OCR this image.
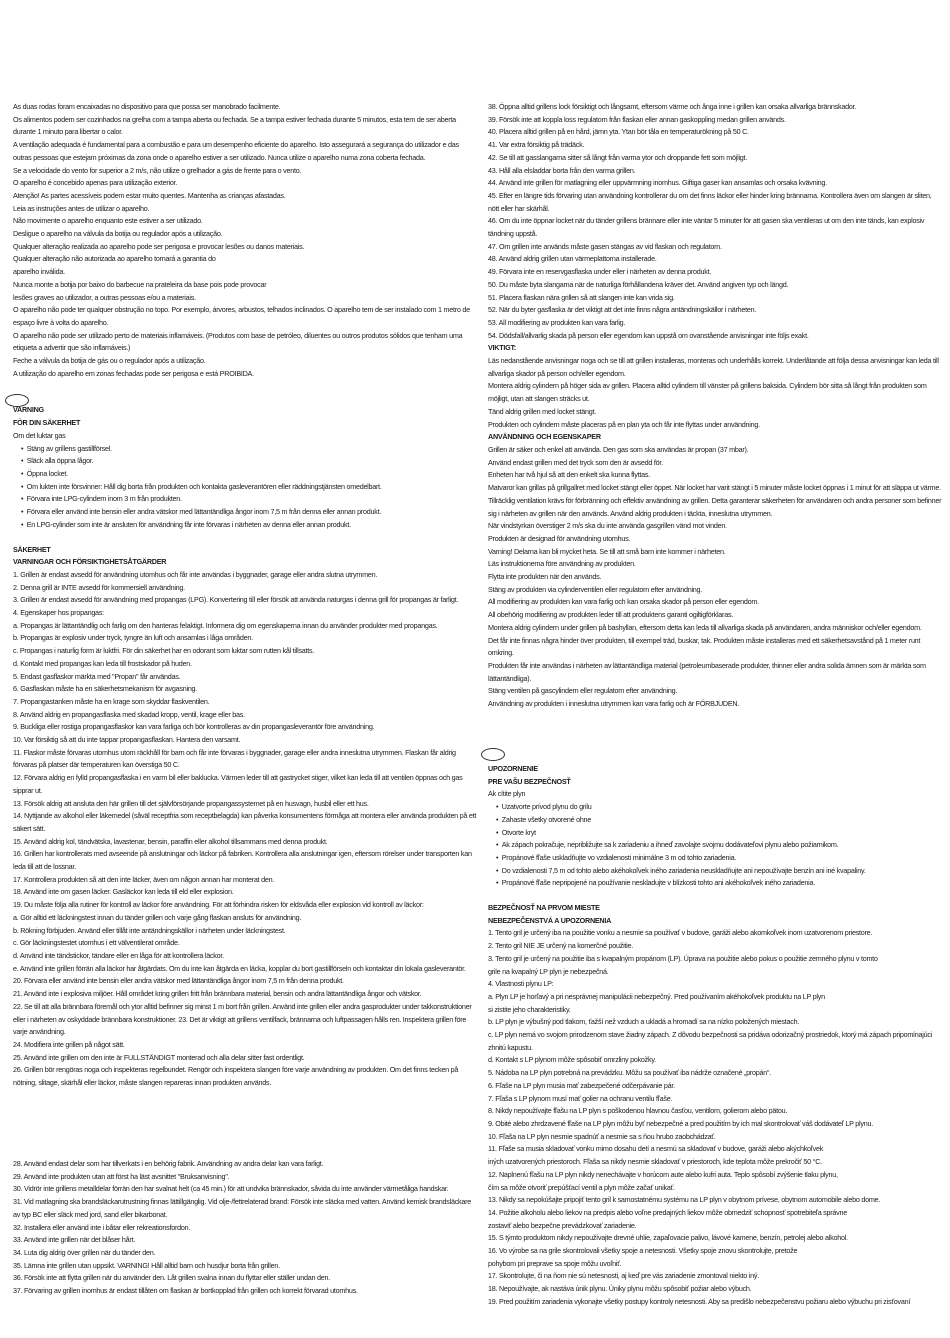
As duas rodas foram encaixadas no dispositivo para que possa ser manobrado facilmente.

Os alimentos podem ser cozinhados na grelha com a tampa aberta ou fechada. Se a tampa estiver fechada durante 5 minutos, esta tem de ser aberta durante 1 minuto para libertar o calor.

A ventilação adequada é fundamental para a combustão e para um desempenho eficiente do aparelho. Isto assegurará a segurança do utilizador e das outras pessoas que estejam próximas da zona onde o aparelho estiver a ser utilizado. Nunca utilize o aparelho numa zona coberta fechada.

Se a velocidade do vento for superior a 2 m/s, não utilize o grelhador a gás de frente para o vento.

O aparelho é concebido apenas para utilização exterior.

Atenção! As partes acessíveis podem estar muito quentes. Mantenha as crianças afastadas.

Leia as instruções antes de utilizar o aparelho.

Não movimente o aparelho enquanto este estiver a ser utilizado.

Desligue o aparelho na válvula da botija ou regulador após a utilização.

Qualquer alteração realizada ao aparelho pode ser perigosa e provocar lesões ou danos materiais.

Qualquer alteração não autorizada ao aparelho tornará a garantia do

aparelho inválida.

Nunca monte a botija por baixo do barbecue na prateleira da base pois pode provocar

lesões graves ao utilizador, a outras pessoas e/ou a materiais.

O aparelho não pode ter qualquer obstrução no topo. Por exemplo, árvores, arbustos, telhados inclinados. O aparelho tem de ser instalado com 1 metro de espaço livre à volta do aparelho.

O aparelho não pode ser utilizado perto de materiais inflamáveis. (Produtos com base de petróleo, diluentes ou outros produtos sólidos que tenham uma etiqueta a advertir que são inflamáveis.)

Feche a válvula da botija de gás ou o regulador após a utilização.

A utilização do aparelho em zonas fechadas pode ser perigosa e está PROIBIDA.

VARNING

FÖR DIN SÄKERHET

Om det luktar gas

•  Stäng av grillens gastillförsel.

•  Släck alla öppna lågor.

•  Öppna locket.

•  Om lukten inte försvinner: Håll dig borta från produkten och kontakta gasleverantören eller räddningstjänsten omedelbart.

•  Förvara inte LPG-cylindern inom 3 m från produkten.

•  Förvara eller använd inte bensin eller andra vätskor med lättantändliga ångor inom 7,5 m från denna eller annan produkt.

•  En LPG-cylinder som inte är ansluten för användning får inte förvaras i närheten av denna eller annan produkt.

SÄKERHET

VARNINGAR OCH FÖRSIKTIGHETSÅTGÄRDER

1. Grillen är endast avsedd för användning utomhus och får inte användas i byggnader, garage eller andra slutna utrymmen.

2. Denna grill är INTE avsedd för kommersiell användning.

3. Grillen är endast avsedd för användning med propangas (LPG). Konvertering till eller försök att använda naturgas i denna grill för propangas är farligt.

4. Egenskaper hos propangas:

a. Propangas är lättantändlig och farlig om den hanteras felaktigt. Informera dig om egenskaperna innan du använder produkter med propangas.

b. Propangas är explosiv under tryck, tyngre än luft och ansamlas i låga områden.

c. Propangas i naturlig form är luktfri. För din säkerhet har en odorant som luktar som rutten kål tillsatts.

d. Kontakt med propangas kan leda till frostskador på huden.

5. Endast gasflaskor märkta med "Propan" får användas.

6. Gasflaskan måste ha en säkerhetsmekanism för avgasning.

7. Propangastanken måste ha en krage som skyddar flaskventilen.

8. Använd aldrig en propangasflaska med skadad kropp, ventil, krage eller bas.

9. Buckliga eller rostiga propangasflaskor kan vara farliga och bör kontrolleras av din propangasleverantör före användning.

10. Var försiktig så att du inte tappar propangasflaskan. Hantera den varsamt.

11. Flaskor måste förvaras utomhus utom räckhåll för barn och får inte förvaras i byggnader, garage eller andra inneslutna utrymmen. Flaskan får aldrig förvaras på platser där temperaturen kan överstiga 50 C.

12. Förvara aldrig en fylld propangasflaska i en varm bil eller baklucka. Värmen leder till att gastrycket stiger, vilket kan leda till att ventilen öppnas och gas sipprar ut.

13. Försök aldrig att ansluta den här grillen till det självförsörjande propangassystemet på en husvagn, husbil eller ett hus.

14. Nyttjande av alkohol eller läkemedel (såväl receptfria som receptbelagda) kan påverka konsumentens förmåga att montera eller använda produkten på ett säkert sätt.

15. Använd aldrig kol, tändvätska, lavastenar, bensin, paraffin eller alkohol tillsammans med denna produkt.

16. Grillen har kontrollerats med avseende på anslutningar och läckor på fabriken. Kontrollera alla anslutningar igen, eftersom rörelser under transporten kan leda till att de lossnar.

17. Kontrollera produkten så att den inte läcker, även om någon annan har monterat den.

18. Använd inte om gasen läcker. Gasläckor kan leda till eld eller explosion.

19. Du måste följa alla rutiner för kontroll av läckor före användning. För att förhindra risken för eldsvåda eller explosion vid kontroll av läckor:

a. Gör alltid ett läckningstest innan du tänder grillen och varje gång flaskan ansluts för användning.

b. Rökning förbjuden. Använd eller tillåt inte antändningskällor i närheten under läckningstest.

c. Gör läckningstestet utomhus i ett välventilerat område.

d. Använd inte tändstickor, tändare eller en låga för att kontrollera läckor.

e. Använd inte grillen förrän alla läckor har åtgärdats. Om du inte kan åtgärda en läcka, kopplar du bort gastillförseln och kontaktar din lokala gasleverantör.

20. Förvara eller använd inte bensin eller andra vätskor med lättantändliga ångor inom 7,5 m från denna produkt.

21. Använd inte i explosiva miljöer. Håll området kring grillen fritt från brännbara material, bensin och andra lättantändliga ångor och vätskor.

22. Se till att alla brännbara föremål och ytor alltid befinner sig minst 1 m bort från grillen. Använd inte grillen eller andra gasprodukter under takkonstruktioner eller i närheten av oskyddade brännbara konstruktioner. 23. Det är viktigt att grillens ventilfack, brännarna och luftpassagen hålls ren. Inspektera grillen före varje användning.

24. Modifiera inte grillen på något sätt.

25. Använd inte grillen om den inte är FULLSTÄNDIGT monterad och alla delar sitter fast ordentligt.

26. Grillen bör rengöras noga och inspekteras regelbundet. Rengör och inspektera slangen före varje användning av produkten. Om det finns tecken på nötning, slitage, skärhål eller läckor, måste slangen repareras innan produkten används.

28. Använd endast delar som har tillverkats i en behörig fabrik. Användning av andra delar kan vara farligt.

29. Använd inte produkten utan att först ha läst avsnittet "Bruksanvisning".

30. Vidrör inte grillens metalldelar förrän den har svalnat helt (ca 45 min.) för att undvika brännskador, såvida du inte använder värmetåliga handskar.

31. Vid matlagning ska brandsläckarutrustning finnas lättillgänglig. Vid olje-/fettrelaterad brand: Försök inte släcka med vatten. Använd kemisk brandsläckare av typ BC eller släck med jord, sand eller bikarbonat.

32. Installera eller använd inte i båtar eller rekreationsfordon.

33. Använd inte grillen när det blåser hårt.

34. Luta dig aldrig över grillen när du tänder den.

35. Lämna inte grillen utan uppsikt. VARNING! Håll alltid barn och husdjur borta från grillen.

36. Försök inte att flytta grillen när du använder den. Låt grillen svalna innan du flyttar eller ställer undan den.

37. Förvaring av grillen inomhus är endast tillåten om flaskan är bortkopplad från grillen och korrekt förvarad utomhus.

38. Öppna alltid grillens lock försiktigt och långsamt, eftersom värme och ånga inne i grillen kan orsaka allvarliga brännskador.

39. Försök inte att koppla loss regulatorn från flaskan eller annan gaskoppling medan grillen används.

40. Placera alltid grillen på en hård, jämn yta. Ytan bör tåla en temperaturökning på 50 C.

41. Var extra försiktig på trädäck.

42. Se till att gasslangarna sitter så långt från varma ytor och droppande fett som möjligt.

43. Håll alla elsladdar borta från den varma grillen.

44. Använd inte grillen för matlagning eller uppvärmning inomhus. Giftiga gaser kan ansamlas och orsaka kvävning.

45. Efter en längre tids förvaring utan användning kontrollerar du om det finns läckor eller hinder kring brännarna. Kontrollera även om slangen är sliten, nött eller har skärhål.

46. Om du inte öppnar locket när du tänder grillens brännare eller inte väntar 5 minuter för att gasen ska ventileras ut om den inte tänds, kan explosiv tändning uppstå.

47. Om grillen inte används måste gasen stängas av vid flaskan och regulatorn.

48. Använd aldrig grillen utan värmeplattorna installerade.

49. Förvara inte en reservgasflaska under eller i närheten av denna produkt.

50. Du måste byta slangarna när de naturliga förhållandena kräver det. Använd angiven typ och längd.

51. Placera flaskan nära grillen så att slangen inte kan vrida sig.

52. När du byter gasflaska är det viktigt att det inte finns några antändningskällor i närheten.

53. All modifiering av produkten kan vara farlig.

54. Dödsfall/allvarlig skada på person eller egendom kan uppstå om ovanstående anvisningar inte följs exakt.

VIKTIGT:

Läs nedanstående anvisningar noga och se till att grillen installeras, monteras och underhålls korrekt. Underlåtande att följa dessa anvisningar kan leda till allvarliga skador på person och/eller egendom.

Montera aldrig cylindern på höger sida av grillen. Placera alltid cylindern till vänster på grillens baksida. Cylindern bör sitta så långt från produkten som möjligt, utan att slangen sträcks ut.

Tänd aldrig grillen med locket stängt.

Produkten och cylindern måste placeras på en plan yta och får inte flyttas under användning.

ANVÄNDNING OCH EGENSKAPER

Grillen är säker och enkel att använda. Den gas som ska användas är propan (37 mbar).

Använd endast grillen med det tryck som den är avsedd för.

Enheten har två hjul så att den enkelt ska kunna flyttas.

Matvaror kan grillas på grillgallret med locket stängt eller öppet. När locket har varit stängt i 5 minuter måste locket öppnas i 1 minut för att släppa ut värme.

Tillräcklig ventilation krävs för förbränning och effektiv användning av grillen. Detta garanterar säkerheten för användaren och andra personer som befinner sig i närheten av grillen när den används. Använd aldrig produkten i täckta, inneslutna utrymmen.

När vindstyrkan överstiger 2 m/s ska du inte använda gasgrillen vänd mot vinden.

Produkten är designad för användning utomhus.

Varning! Delarna kan bli mycket heta. Se till att små barn inte kommer i närheten.

Läs instruktionerna före användning av produkten.

Flytta inte produkten när den används.

Stäng av produkten via cylinderventilen eller regulatorn efter användning.

All modifiering av produkten kan vara farlig och kan orsaka skador på person eller egendom.

All obehörig modifiering av produkten leder till att produktens garanti ogiltigförklaras.

Montera aldrig cylindern under grillen på bashyllan, eftersom detta kan leda till allvarliga skada på användaren, andra människor och/eller egendom.

Det får inte finnas några hinder över produkten, till exempel träd, buskar, tak. Produkten måste installeras med ett säkerhetsavstånd på 1 meter runt omkring.

Produkten får inte användas i närheten av lättantändliga material (petroleumbaserade produkter, thinner eller andra solida ämnen som är märkta som lättantändliga).

Stäng ventilen på gascylindern eller regulatorn efter användning.

Användning av produkten i inneslutna utrymmen kan vara farlig och är FÖRBJUDEN.

UPOZORNENIE

PRE VAŠU BEZPEČNOSŤ

Ak cítite plyn

•  Uzatvorte prívod plynu do grilu

•  Zahaste všetky otvorené ohne

•  Otvorte kryt

•  Ak zápach pokračuje, nepribližujte sa k zariadeniu a ihneď zavolajte svojmu dodávateľovi plynu alebo požiarnikom.

•  Propánové fľaše uskladňujte vo vzdialenosti minimálne 3 m od tohto zariadenia.

•  Do vzdialenosti 7,5 m od tohto alebo akéhokoľvek iného zariadenia neuskladňujte ani nepoužívajte benzín ani iné kvapaliny.

•  Propánové fľaše nepripojené na používanie neskladujte v blízkosti tohto ani akéhokoľvek iného zariadenia.

BEZPEČNOSŤ NA PRVOM MIESTE

NEBEZPEČENSTVÁ A UPOZORNENIA

1. Tento gril je určený iba na použitie vonku a nesmie sa používať v budove, garáži alebo akomkoľvek inom uzatvorenom priestore.

2. Tento gril NIE JE určený na komerčné použitie.

3. Tento gril je určený na použitie iba s kvapalným propánom (LP). Úprava na použitie alebo pokus o použitie zemného plynu v tomto

grile na kvapalný LP plyn je nebezpečná.

4. Vlastnosti plynu LP:

a. Plyn LP je horľavý a pri nesprávnej manipulácii nebezpečný. Pred používaním akéhokoľvek produktu na LP plyn

si zistite jeho charakteristiky.

b. LP plyn je výbušný pod tlakom, ťažší než vzduch a ukladá a hromadí sa na nízko položených miestach.

c. LP plyn nemá vo svojom prirodzenom stave žiadny zápach. Z dôvodu bezpečnosti sa pridáva odorizačný prostriedok, ktorý má zápach pripomínajúci zhnitú kapustu.

d. Kontakt s LP plynom môže spôsobiť omrzliny pokožky.

5. Nádoba na LP plyn potrebná na prevádzku. Môžu sa používať iba nádrže označené „propán“.

6. Fľaše na LP plyn musia mať zabezpečené odčerpávanie pár.

7. Fľaša s LP plynom musí mať golier na ochranu ventilu fľaše.

8. Nikdy nepoužívajte fľašu na LP plyn s poškodenou hlavnou časťou, ventilom, golierom alebo pätou.

9. Obité alebo zhrdzavené fľaše na LP plyn môžu byť nebezpečné a pred použitím by ich mal skontrolovať váš dodávateľ LP plynu.

10. Fľaša na LP plyn nesmie spadnúť a nesmie sa s ňou hrubo zaobchádzať.

11. Fľaše sa musia skladovať vonku mimo dosahu detí a nesmú sa skladovať v budove, garáži alebo akýchkoľvek

iných uzatvorených priestoroch. Fľaša sa nikdy nesmie skladovať v priestoroch, kde teplota môže prekročiť 50 °C.

12. Naplnenú fľašu na LP plyn nikdy nenechávajte v horúcom aute alebo kufri auta. Teplo spôsobí zvýšenie tlaku plynu,

čím sa môže otvoriť prepúšťací ventil a plyn môže začať unikať.

13. Nikdy sa nepokúšajte pripojiť tento gril k samostatnému systému na LP plyn v obytnom prívese, obytnom automobile alebo dome.

14. Požitie alkoholu alebo liekov na predpis alebo voľne predajných liekov môže obmedziť schopnosť spotrebiteľa správne

zostaviť alebo bezpečne prevádzkovať zariadenie.

15. S týmto produktom nikdy nepoužívajte drevné uhlie, zapaľovacie palivo, lávové kamene, benzín, petrolej alebo alkohol.

16. Vo výrobe sa na grile skontrolovali všetky spoje a netesnosti. Všetky spoje znovu skontrolujte, pretože

pohybom pri preprave sa spoje môžu uvoľniť.

17. Skontrolujte, či na ňom nie sú netesnosti, aj keď pre vás zariadenie zmontoval niekto iný.

18. Nepoužívajte, ak nastáva únik plynu. Úniky plynu môžu spôsobiť požiar alebo výbuch.

19. Pred použitím zariadenia vykonajte všetky postupy kontroly netesnosti. Aby sa predišlo nebezpečenstvu požiaru alebo výbuchu pri zisťovaní
